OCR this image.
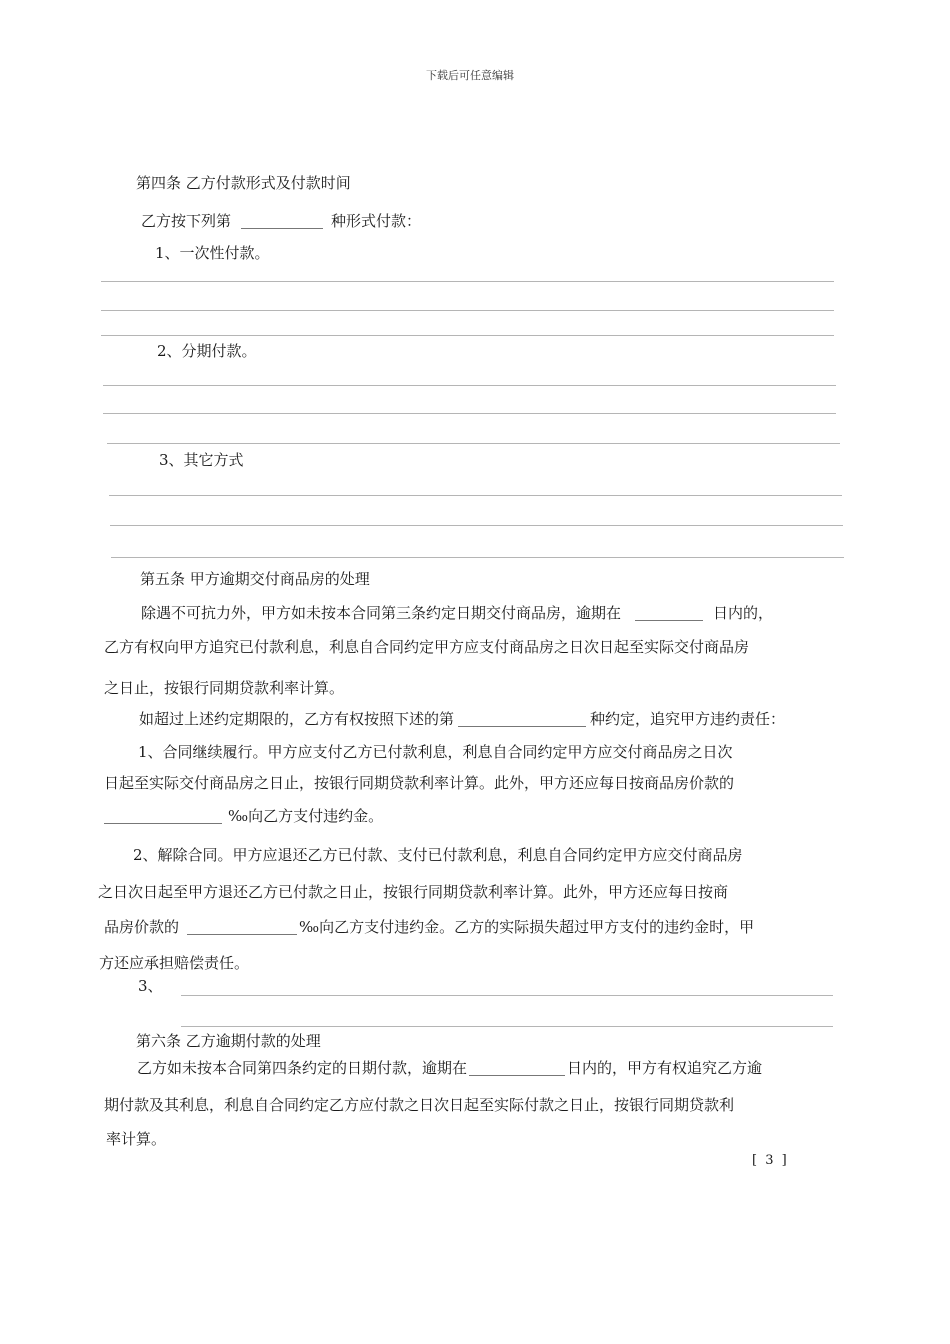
下载后可任意编辑
第四条 乙方付款形式及付款时间
乙方按下列第	种形式付款：
1、一次性付款。
2、分期付款。
3、其它方式
第五条 甲方逾期交付商品房的处理
除遇不可抗力外，甲方如未按本合同第三条约定日期交付商品房，逾期在	日内的，
乙方有权向甲方追究已付款利息，利息自合同约定甲方应支付商品房之日次日起至实际交付商品房
之日止，按银行同期贷款利率计算。
如超过上述约定期限的，乙方有权按照下述的第	种约定，追究甲方违约责任：
1、合同继续履行。甲方应支付乙方已付款利息，利息自合同约定甲方应交付商品房之日次
日起至实际交付商品房之日止，按银行同期贷款利率计算。此外，甲方还应每日按商品房价款的
‰向乙方支付违约金。
2、解除合同。甲方应退还乙方已付款、支付已付款利息，利息自合同约定甲方应交付商品房
之日次日起至甲方退还乙方已付款之日止，按银行同期贷款利率计算。此外，甲方还应每日按商
品房价款的	‰向乙方支付违约金。乙方的实际损失超过甲方支付的违约金时，甲
方还应承担赔偿责任。
3、
第六条 乙方逾期付款的处理
乙方如未按本合同第四条约定的日期付款，逾期在	日内的，甲方有权追究乙方逾
期付款及其利息，利息自合同约定乙方应付款之日次日起至实际付款之日止，按银行同期贷款利
率计算。
[ 3 ]
